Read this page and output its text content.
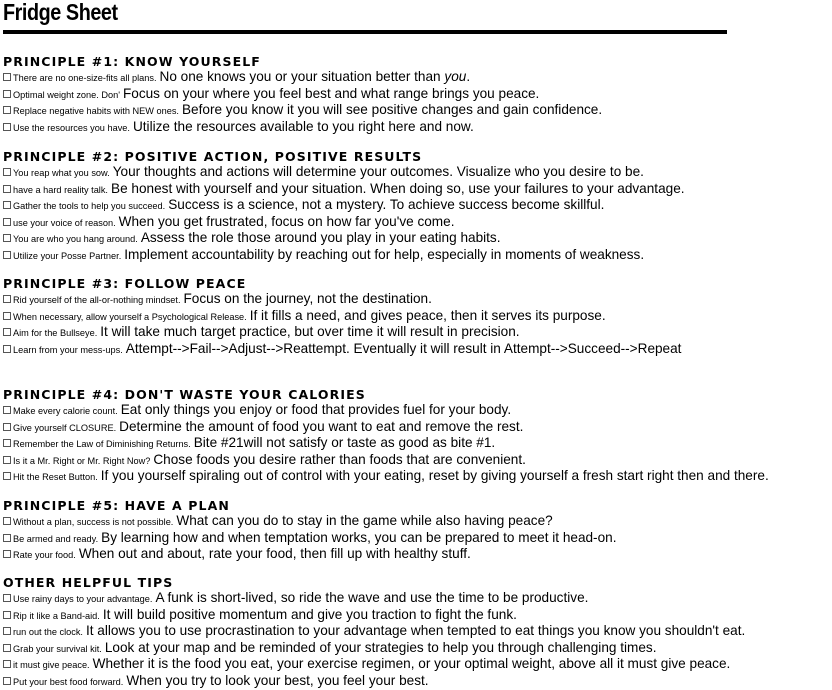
Fridge Sheet
PRINCIPLE #1: KNOW YOURSELF
There are no one-size-fits all plans. No one knows you or your situation better than you.
Optimal weight zone. Don' Focus on your where you feel best and what range brings you peace.
Replace negative habits with NEW ones. Before you know it you will see positive changes and gain confidence.
Use the resources you have. Utilize the resources available to you right here and now.
PRINCIPLE #2: POSITIVE ACTION, POSITIVE RESULTS
You reap what you sow. Your thoughts and actions will determine your outcomes. Visualize who you desire to be.
have a hard reality talk. Be honest with yourself and your situation. When doing so, use your failures to your advantage.
Gather the tools to help you succeed. Success is a science, not a mystery. To achieve success become skillful.
use your voice of reason. When you get frustrated, focus on how far you've come.
You are who you hang around. Assess the role those around you play in your eating habits.
Utilize your Posse Partner. Implement accountability by reaching out for help, especially in moments of weakness.
PRINCIPLE #3: FOLLOW PEACE
Rid yourself of the all-or-nothing mindset. Focus on the journey, not the destination.
When necessary, allow yourself a Psychological Release. If it fills a need, and gives peace, then it serves its purpose.
Aim for the Bullseye. It will take much target practice, but over time it will result in precision.
Learn from your mess-ups. Attempt-->Fail-->Adjust-->Reattempt. Eventually it will result in Attempt-->Succeed-->Repeat
PRINCIPLE #4: DON'T WASTE YOUR CALORIES
Make every calorie count. Eat only things you enjoy or food that provides fuel for your body.
Give yourself CLOSURE. Determine the amount of food you want to eat and remove the rest.
Remember the Law of Diminishing Returns. Bite #21will not satisfy or taste as good as bite #1.
Is it a Mr. Right or Mr. Right Now? Chose foods you desire rather than foods that are convenient.
Hit the Reset Button. If you yourself spiraling out of control with your eating, reset by giving yourself a fresh start right then and there.
PRINCIPLE #5: HAVE A PLAN
Without a plan, success is not possible. What can you do to stay in the game while also having peace?
Be armed and ready. By learning how and when temptation works, you can be prepared to meet it head-on.
Rate your food. When out and about, rate your food, then fill up with healthy stuff.
OTHER HELPFUL TIPS
Use rainy days to your advantage. A funk is short-lived, so ride the wave and use the time to be productive.
Rip it like a Band-aid. It will build positive momentum and give you traction to fight the funk.
run out the clock. It allows you to use procrastination to your advantage when tempted to eat things you know you shouldn't eat.
Grab your survival kit. Look at your map and be reminded of your strategies to help you through challenging times.
it must give peace. Whether it is the food you eat, your exercise regimen, or your optimal weight, above all it must give peace.
Put your best food forward. When you try to look your best, you feel your best.
